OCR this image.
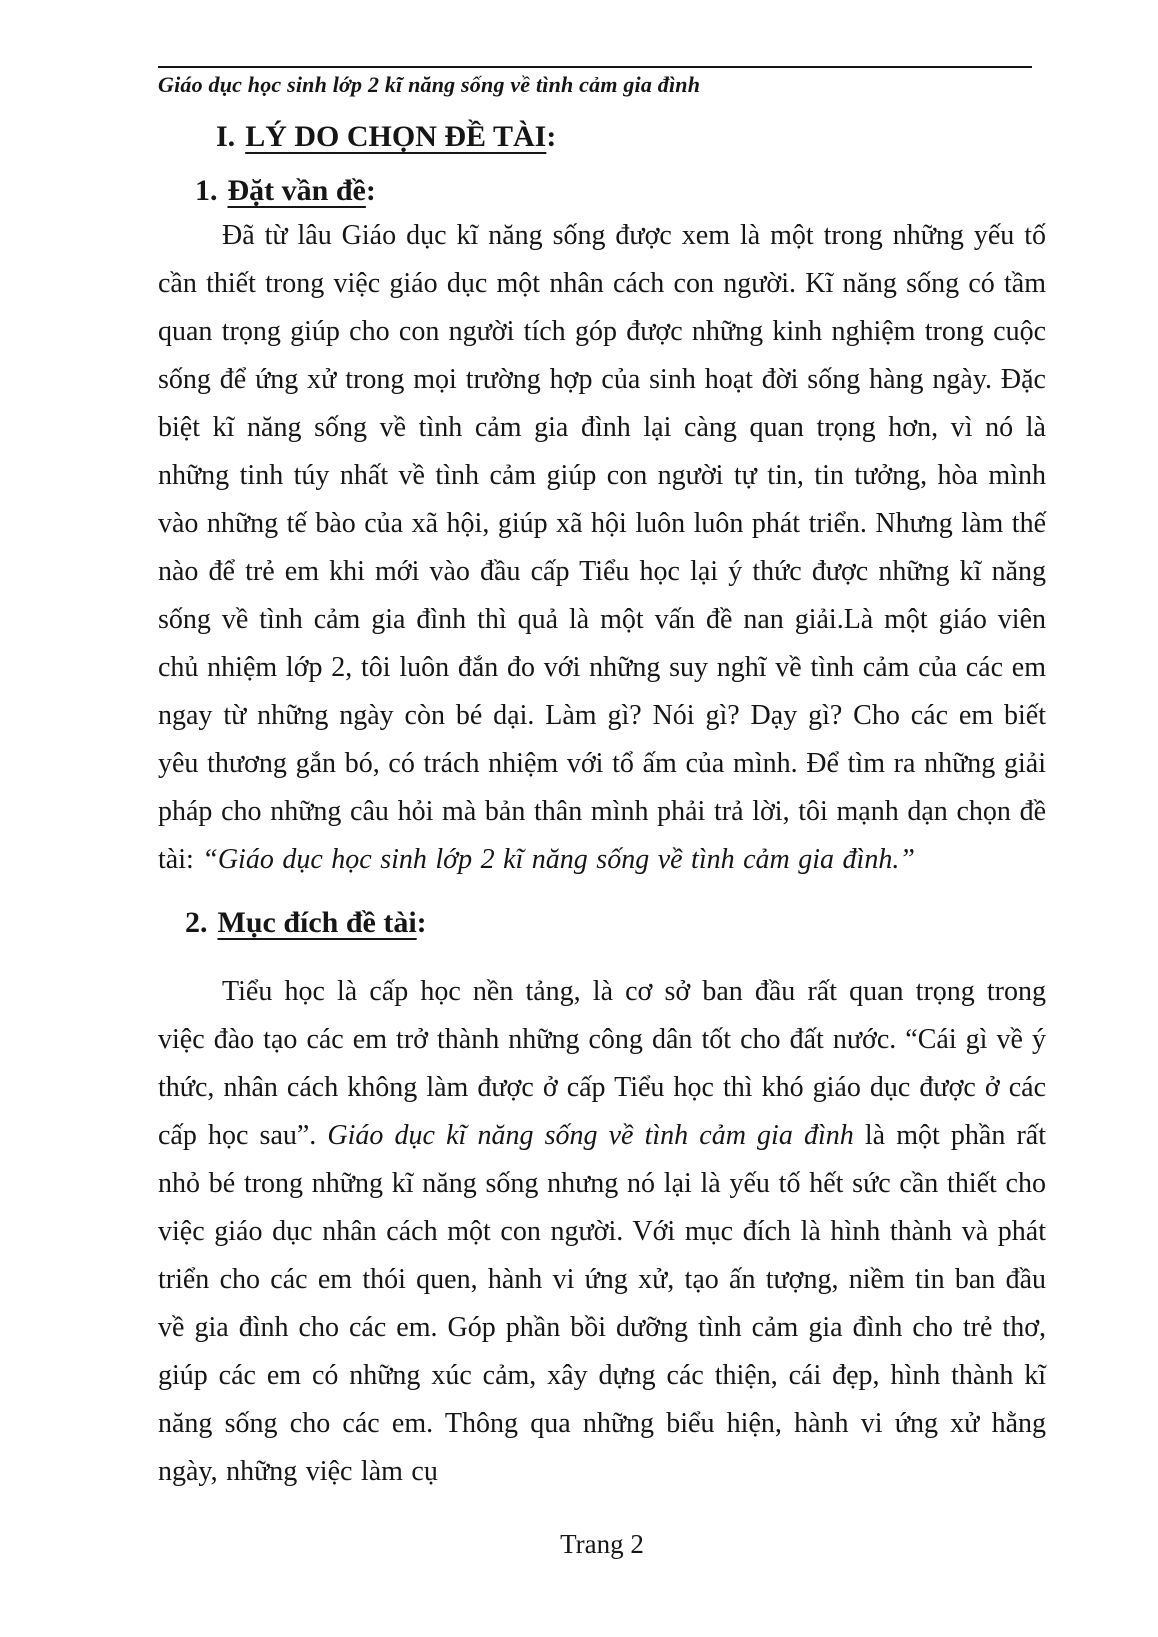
Giáo dục học sinh lớp 2 kĩ năng sống về tình cảm gia đình
I. LÝ DO CHỌN ĐỀ TÀI:
1. Đặt vần đề:

Đã từ lâu Giáo dục kĩ năng sống được xem là một trong những yếu tố cần thiết trong việc giáo dục một nhân cách con người. Kĩ năng sống có tầm quan trọng giúp cho con người tích góp được những kinh nghiệm trong cuộc sống để ứng xử trong mọi trường hợp của sinh hoạt đời sống hàng ngày. Đặc biệt kĩ năng sống về tình cảm gia đình lại càng quan trọng hơn, vì nó là những tinh túy nhất về tình cảm giúp con người tự tin, tin tưởng, hòa mình vào những tế bào của xã hội, giúp xã hội luôn luôn phát triển. Nhưng làm thế nào để trẻ em khi mới vào đầu cấp Tiểu học lại ý thức được những kĩ năng sống về tình cảm gia đình thì quả là một vấn đề nan giải.Là một giáo viên chủ nhiệm lớp 2, tôi luôn đắn đo với những suy nghĩ về tình cảm của các em ngay từ những ngày còn bé dại. Làm gì? Nói gì? Dạy gì? Cho các em biết yêu thương gắn bó, có trách nhiệm với tổ ấm của mình. Để tìm ra những giải pháp cho những câu hỏi mà bản thân mình phải trả lời, tôi mạnh dạn chọn đề tài: “Giáo dục học sinh lớp 2 kĩ năng sống về tình cảm gia đình.”

2. Mục đích đề tài:

Tiểu học là cấp học nền tảng, là cơ sở ban đầu rất quan trọng trong việc đào tạo các em trở thành những công dân tốt cho đất nước. “Cái gì về ý thức, nhân cách không làm được ở cấp Tiểu học thì khó giáo dục được ở các cấp học sau”. Giáo dục kĩ năng sống về tình cảm gia đình là một phần rất nhỏ bé trong những kĩ năng sống nhưng nó lại là yếu tố hết sức cần thiết cho việc giáo dục nhân cách một con người. Với mục đích là hình thành và phát triển cho các em thói quen, hành vi ứng xử, tạo ấn tượng, niềm tin ban đầu về gia đình cho các em. Góp phần bồi dưỡng tình cảm gia đình cho trẻ thơ, giúp các em có những xúc cảm, xây dựng các thiện, cái đẹp, hình thành kĩ năng sống cho các em. Thông qua những biểu hiện, hành vi ứng xử hằng ngày, những việc làm cụ

Trang 2
